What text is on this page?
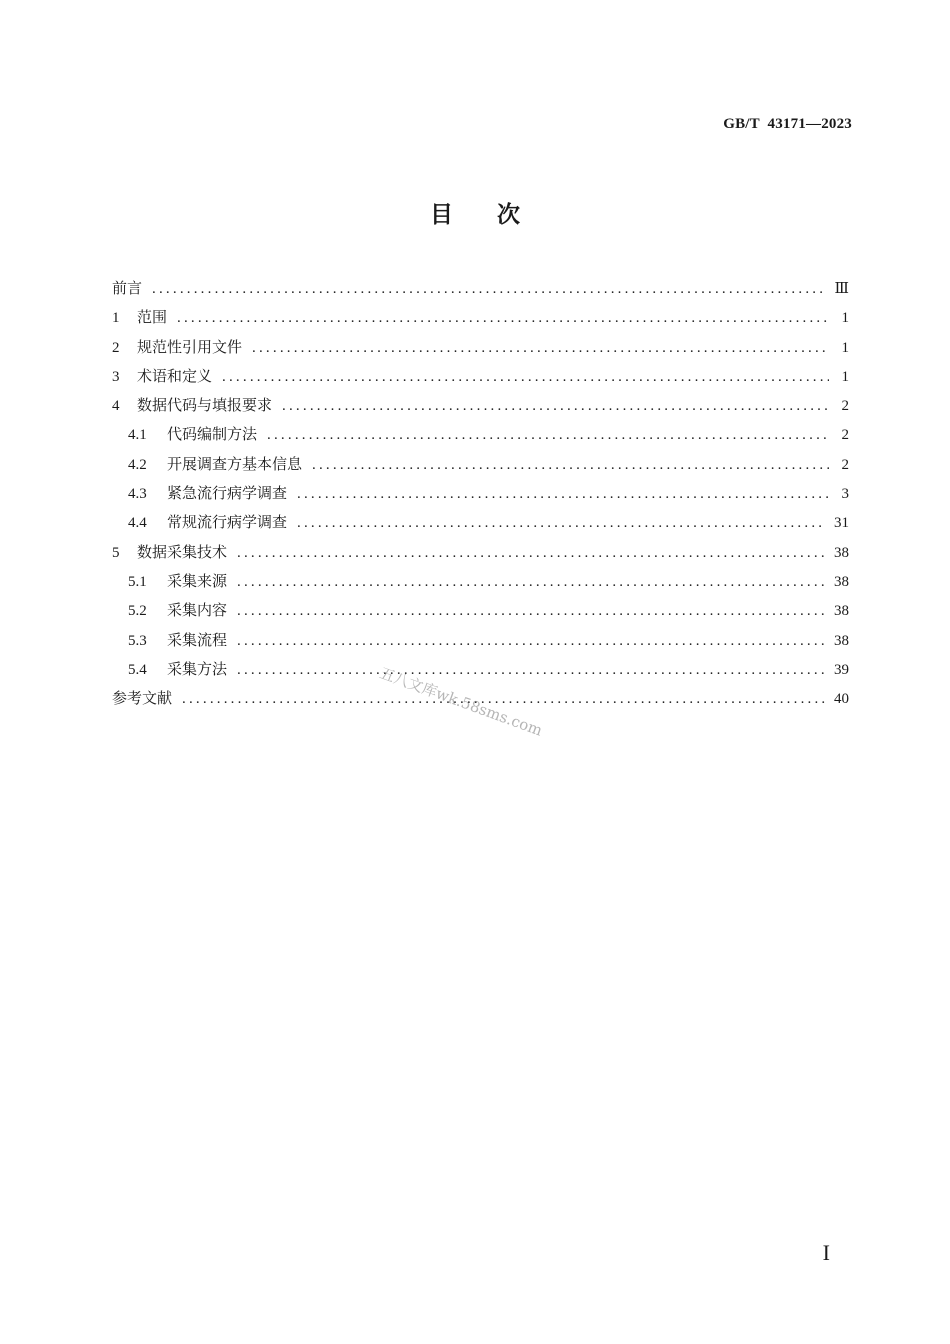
GB/T  43171—2023
目 次
前言 .....	Ⅲ
1	范围 .....	1
2	规范性引用文件 .....	1
3	术语和定义 .....	1
4	数据代码与填报要求 .....	2
4.1	代码编制方法 .....	2
4.2	开展调查方基本信息 .....	2
4.3	紧急流行病学调查 .....	3
4.4	常规流行病学调查 .....	31
5	数据采集技术 .....	38
5.1	采集来源 .....	38
5.2	采集内容 .....	38
5.3	采集流程 .....	38
5.4	采集方法 .....	39
参考文献 .....	40
五八文库wk.58sms.com
I
